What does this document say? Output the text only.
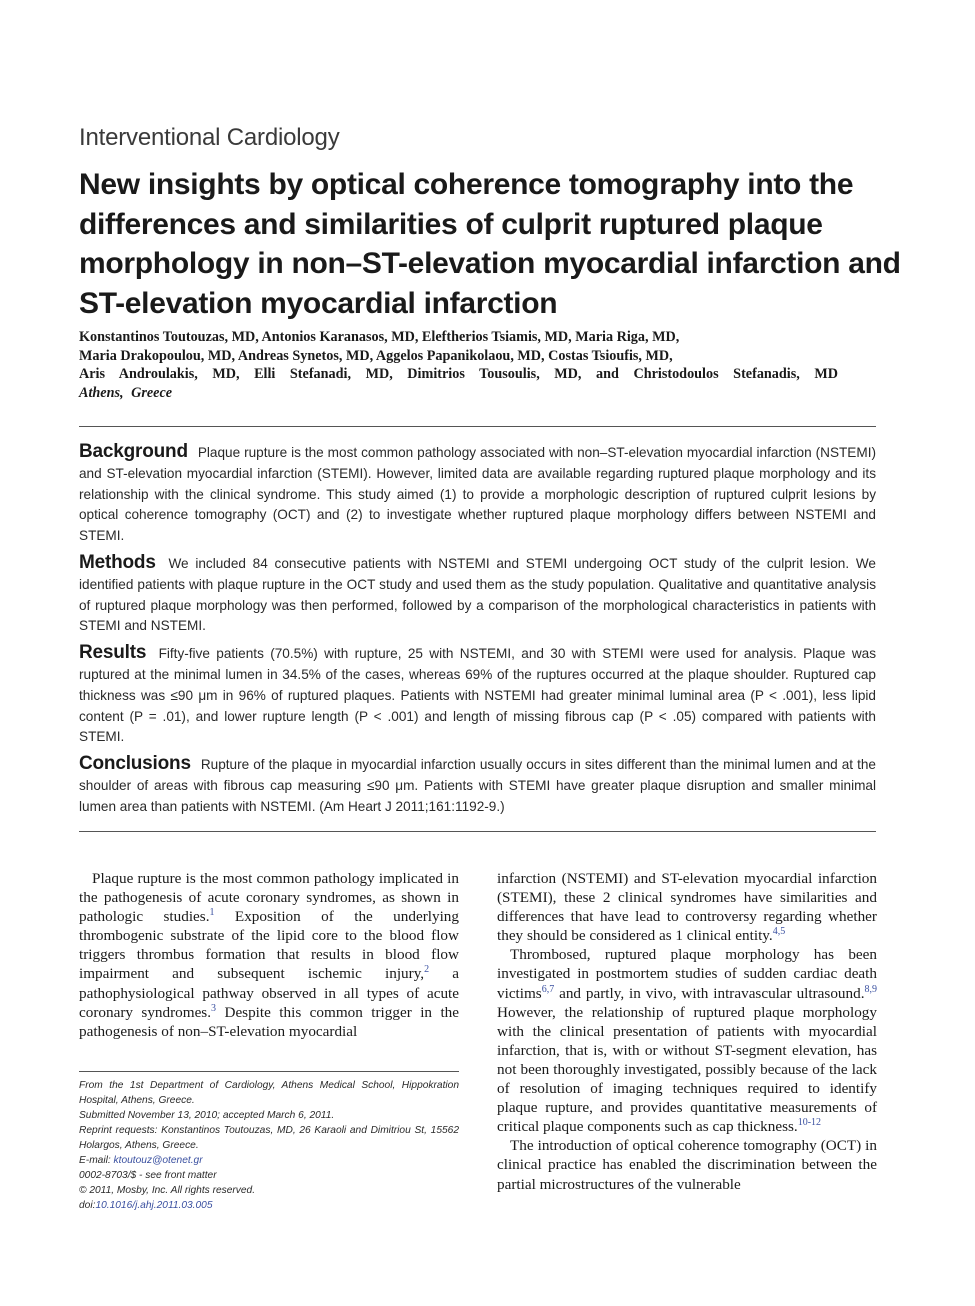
Interventional Cardiology
New insights by optical coherence tomography into the differences and similarities of culprit ruptured plaque morphology in non–ST-elevation myocardial infarction and ST-elevation myocardial infarction
Konstantinos Toutouzas, MD, Antonios Karanasos, MD, Eleftherios Tsiamis, MD, Maria Riga, MD,
Maria Drakopoulou, MD, Andreas Synetos, MD, Aggelos Papanikolaou, MD, Costas Tsioufis, MD,
Aris Androulakis, MD, Elli Stefanadi, MD, Dimitrios Tousoulis, MD, and Christodoulos Stefanadis, MD
Athens, Greece

Background Plaque rupture is the most common pathology associated with non–ST-elevation myocardial infarction (NSTEMI) and ST-elevation myocardial infarction (STEMI). However, limited data are available regarding ruptured plaque morphology and its relationship with the clinical syndrome. This study aimed (1) to provide a morphologic description of ruptured culprit lesions by optical coherence tomography (OCT) and (2) to investigate whether ruptured plaque morphology differs between NSTEMI and STEMI.

Methods We included 84 consecutive patients with NSTEMI and STEMI undergoing OCT study of the culprit lesion. We identified patients with plaque rupture in the OCT study and used them as the study population. Qualitative and quantitative analysis of ruptured plaque morphology was then performed, followed by a comparison of the morphological characteristics in patients with STEMI and NSTEMI.

Results Fifty-five patients (70.5%) with rupture, 25 with NSTEMI, and 30 with STEMI were used for analysis. Plaque was ruptured at the minimal lumen in 34.5% of the cases, whereas 69% of the ruptures occurred at the plaque shoulder. Ruptured cap thickness was ≤90 μm in 96% of ruptured plaques. Patients with NSTEMI had greater minimal luminal area (P < .001), less lipid content (P = .01), and lower rupture length (P < .001) and length of missing fibrous cap (P < .05) compared with patients with STEMI.

Conclusions Rupture of the plaque in myocardial infarction usually occurs in sites different than the minimal lumen and at the shoulder of areas with fibrous cap measuring ≤90 μm. Patients with STEMI have greater plaque disruption and smaller minimal lumen area than patients with NSTEMI. (Am Heart J 2011;161:1192-9.)

Plaque rupture is the most common pathology implicated in the pathogenesis of acute coronary syndromes, as shown in pathologic studies.$^1$ Exposition of the underlying thrombogenic substrate of the lipid core to the blood flow triggers thrombus formation that results in blood flow impairment and subsequent ischemic injury,$^2$ a pathophysiological pathway observed in all types of acute coronary syndromes.$^3$ Despite this common trigger in the pathogenesis of non–ST-elevation myocardial

From the 1st Department of Cardiology, Athens Medical School, Hippokration Hospital, Athens, Greece.
Submitted November 13, 2010; accepted March 6, 2011.
Reprint requests: Konstantinos Toutouzas, MD, 26 Karaoli and Dimitriou St, 15562 Holargos, Athens, Greece.
E-mail: ktoutouz@otenet.gr
0002-8703/$ - see front matter
© 2011, Mosby, Inc. All rights reserved.
doi:10.1016/j.ahj.2011.03.005

infarction (NSTEMI) and ST-elevation myocardial infarction (STEMI), these 2 clinical syndromes have similarities and differences that have lead to controversy regarding whether they should be considered as 1 clinical entity.$^{4,5}$

Thrombosed, ruptured plaque morphology has been investigated in postmortem studies of sudden cardiac death victims$^{6,7}$ and partly, in vivo, with intravascular ultrasound.$^{8,9}$ However, the relationship of ruptured plaque morphology with the clinical presentation of patients with myocardial infarction, that is, with or without ST-segment elevation, has not been thoroughly investigated, possibly because of the lack of resolution of imaging techniques required to identify plaque rupture, and provides quantitative measurements of critical plaque components such as cap thickness.$^{10-12}$

The introduction of optical coherence tomography (OCT) in clinical practice has enabled the discrimination between the partial microstructures of the vulnerable
